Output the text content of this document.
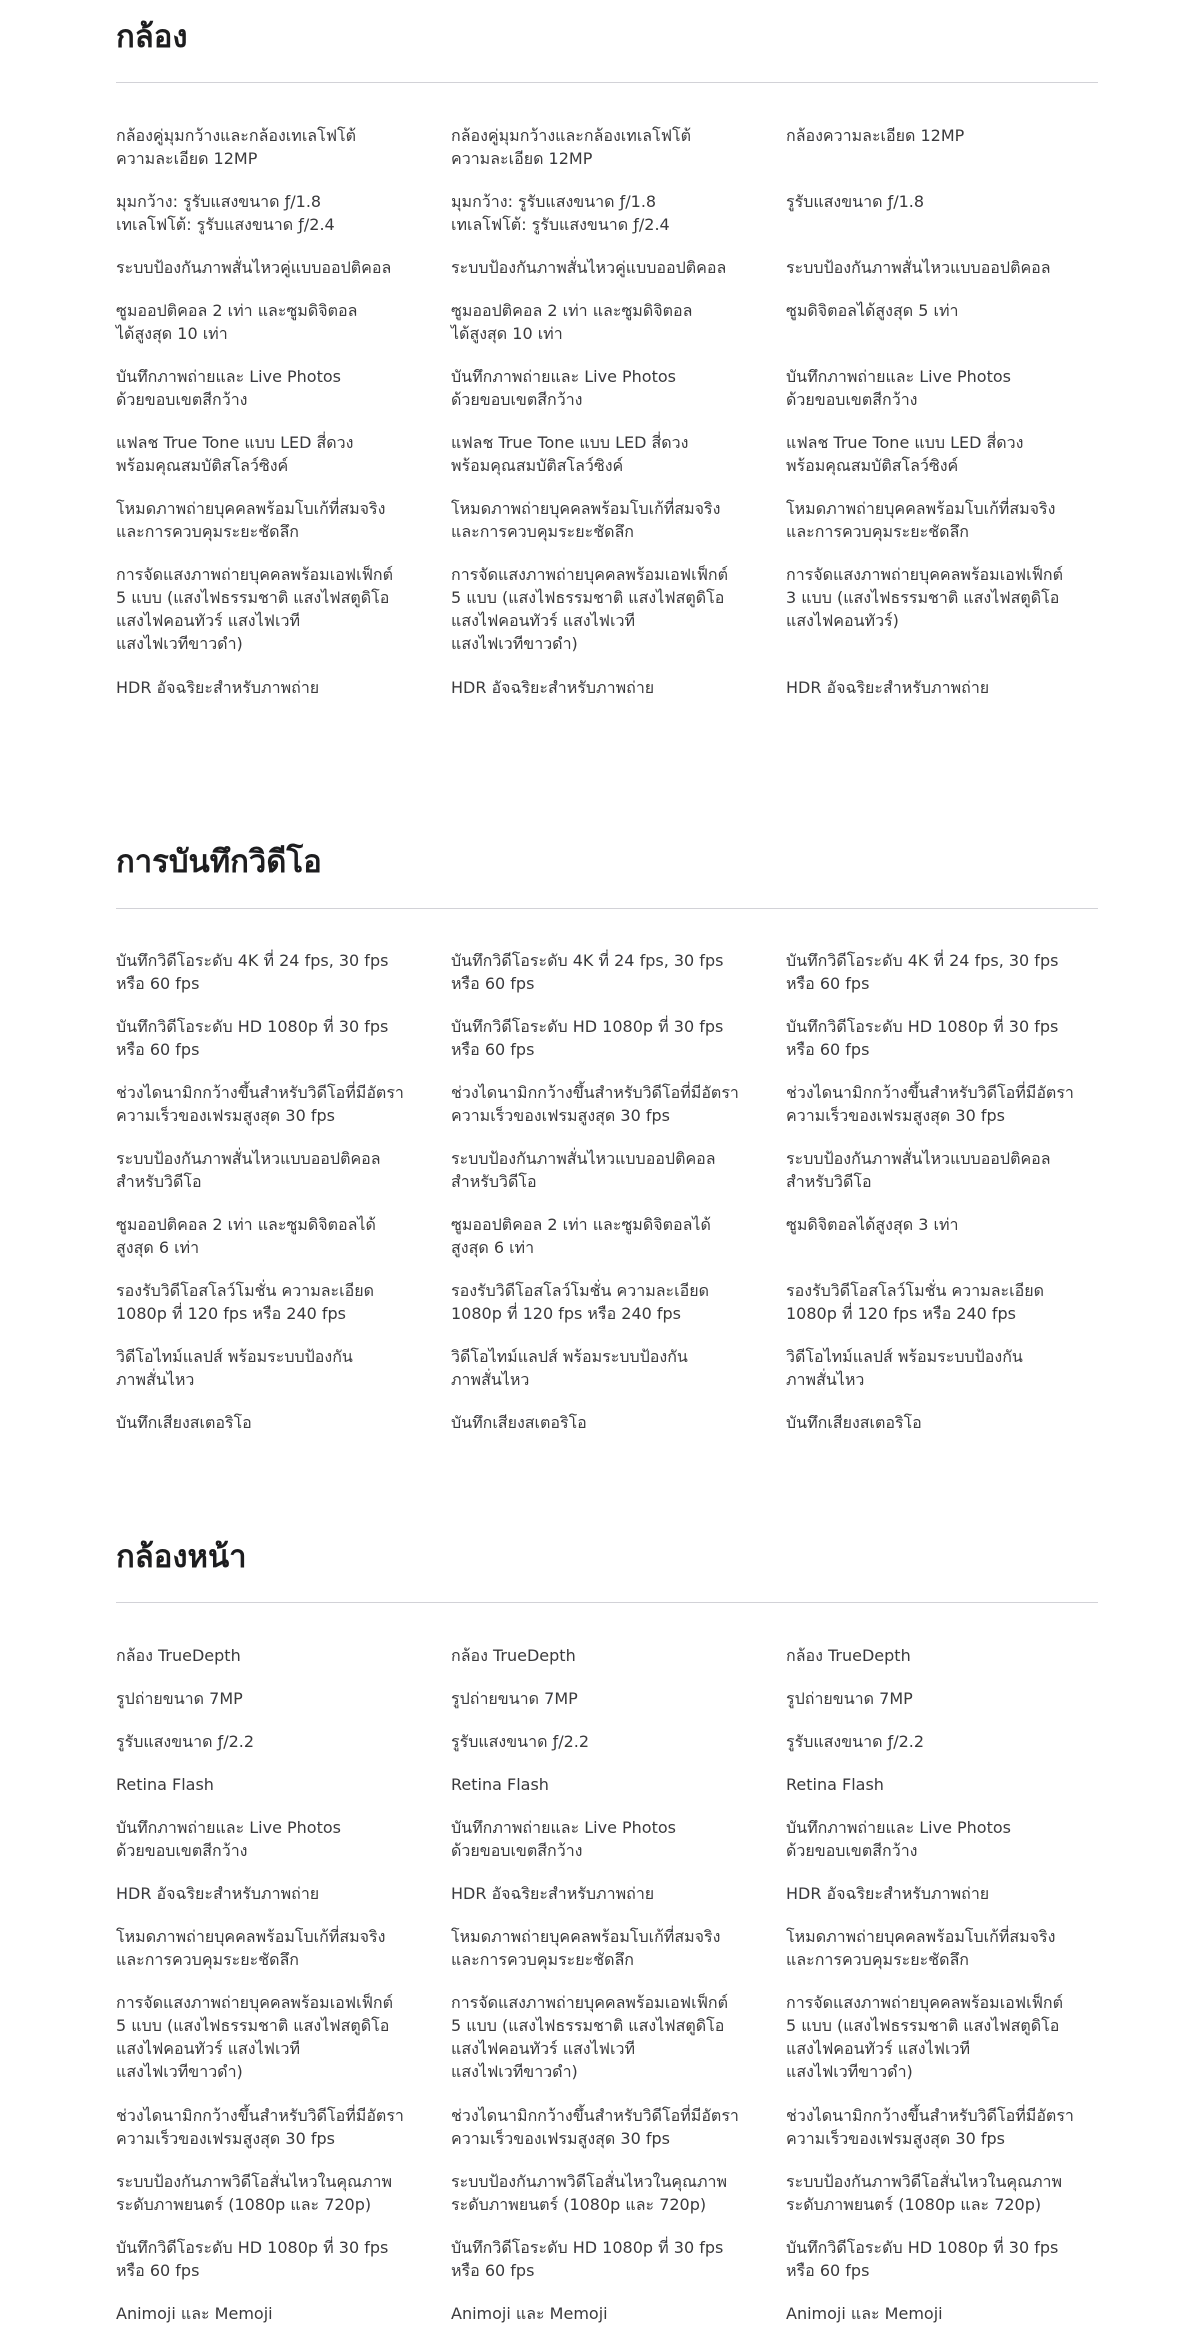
กล้อง

กล้องคู่มุมกว้างและกล้องเทเลโฟโต้
ความละเอียด 12MP

มุมกว้าง: รูรับแสงขนาด ƒ/1.8
เทเลโฟโต้: รูรับแสงขนาด ƒ/2.4

ระบบป้องกันภาพสั่นไหวคู่แบบออปติคอล

ซูมออปติคอล 2 เท่า และซูมดิจิตอล
ได้สูงสุด 10 เท่า

บันทึกภาพถ่ายและ Live Photos
ด้วยขอบเขตสีกว้าง

แฟลช True Tone แบบ LED สี่ดวง
พร้อมคุณสมบัติสโลว์ซิงค์

โหมดภาพถ่ายบุคคลพร้อมโบเก้ที่สมจริง
และการควบคุมระยะชัดลึก

การจัดแสงภาพถ่ายบุคคลพร้อมเอฟเฟ็กต์
5 แบบ (แสงไฟธรรมชาติ แสงไฟสตูดิโอ
แสงไฟคอนทัวร์ แสงไฟเวที
แสงไฟเวทีขาวดำ)

HDR อัจฉริยะสำหรับภาพถ่าย

กล้องคู่มุมกว้างและกล้องเทเลโฟโต้
ความละเอียด 12MP

มุมกว้าง: รูรับแสงขนาด ƒ/1.8
เทเลโฟโต้: รูรับแสงขนาด ƒ/2.4

ระบบป้องกันภาพสั่นไหวคู่แบบออปติคอล

ซูมออปติคอล 2 เท่า และซูมดิจิตอล
ได้สูงสุด 10 เท่า

บันทึกภาพถ่ายและ Live Photos
ด้วยขอบเขตสีกว้าง

แฟลช True Tone แบบ LED สี่ดวง
พร้อมคุณสมบัติสโลว์ซิงค์

โหมดภาพถ่ายบุคคลพร้อมโบเก้ที่สมจริง
และการควบคุมระยะชัดลึก

การจัดแสงภาพถ่ายบุคคลพร้อมเอฟเฟ็กต์
5 แบบ (แสงไฟธรรมชาติ แสงไฟสตูดิโอ
แสงไฟคอนทัวร์ แสงไฟเวที
แสงไฟเวทีขาวดำ)

HDR อัจฉริยะสำหรับภาพถ่าย

กล้องความละเอียด 12MP

รูรับแสงขนาด ƒ/1.8

ระบบป้องกันภาพสั่นไหวแบบออปติคอล

ซูมดิจิตอลได้สูงสุด 5 เท่า

บันทึกภาพถ่ายและ Live Photos
ด้วยขอบเขตสีกว้าง

แฟลช True Tone แบบ LED สี่ดวง
พร้อมคุณสมบัติสโลว์ซิงค์

โหมดภาพถ่ายบุคคลพร้อมโบเก้ที่สมจริง
และการควบคุมระยะชัดลึก

การจัดแสงภาพถ่ายบุคคลพร้อมเอฟเฟ็กต์
3 แบบ (แสงไฟธรรมชาติ แสงไฟสตูดิโอ
แสงไฟคอนทัวร์)

HDR อัจฉริยะสำหรับภาพถ่าย

การบันทึกวิดีโอ

บันทึกวิดีโอระดับ 4K ที่ 24 fps, 30 fps
หรือ 60 fps

บันทึกวิดีโอระดับ HD 1080p ที่ 30 fps
หรือ 60 fps

ช่วงไดนามิกกว้างขึ้นสำหรับวิดีโอที่มีอัตรา
ความเร็วของเฟรมสูงสุด 30 fps

ระบบป้องกันภาพสั่นไหวแบบออปติคอล
สำหรับวิดีโอ

ซูมออปติคอล 2 เท่า และซูมดิจิตอลได้
สูงสุด 6 เท่า

รองรับวิดีโอสโลว์โมชั่น ความละเอียด
1080p ที่ 120 fps หรือ 240 fps

วิดีโอไทม์แลปส์ พร้อมระบบป้องกัน
ภาพสั่นไหว

บันทึกเสียงสเตอริโอ

บันทึกวิดีโอระดับ 4K ที่ 24 fps, 30 fps
หรือ 60 fps

บันทึกวิดีโอระดับ HD 1080p ที่ 30 fps
หรือ 60 fps

ช่วงไดนามิกกว้างขึ้นสำหรับวิดีโอที่มีอัตรา
ความเร็วของเฟรมสูงสุด 30 fps

ระบบป้องกันภาพสั่นไหวแบบออปติคอล
สำหรับวิดีโอ

ซูมออปติคอล 2 เท่า และซูมดิจิตอลได้
สูงสุด 6 เท่า

รองรับวิดีโอสโลว์โมชั่น ความละเอียด
1080p ที่ 120 fps หรือ 240 fps

วิดีโอไทม์แลปส์ พร้อมระบบป้องกัน
ภาพสั่นไหว

บันทึกเสียงสเตอริโอ

บันทึกวิดีโอระดับ 4K ที่ 24 fps, 30 fps
หรือ 60 fps

บันทึกวิดีโอระดับ HD 1080p ที่ 30 fps
หรือ 60 fps

ช่วงไดนามิกกว้างขึ้นสำหรับวิดีโอที่มีอัตรา
ความเร็วของเฟรมสูงสุด 30 fps

ระบบป้องกันภาพสั่นไหวแบบออปติคอล
สำหรับวิดีโอ

ซูมดิจิตอลได้สูงสุด 3 เท่า

รองรับวิดีโอสโลว์โมชั่น ความละเอียด
1080p ที่ 120 fps หรือ 240 fps

วิดีโอไทม์แลปส์ พร้อมระบบป้องกัน
ภาพสั่นไหว

บันทึกเสียงสเตอริโอ

กล้องหน้า

กล้อง TrueDepth

รูปถ่ายขนาด 7MP

รูรับแสงขนาด ƒ/2.2

Retina Flash

บันทึกภาพถ่ายและ Live Photos
ด้วยขอบเขตสีกว้าง

HDR อัจฉริยะสำหรับภาพถ่าย

โหมดภาพถ่ายบุคคลพร้อมโบเก้ที่สมจริง
และการควบคุมระยะชัดลึก

การจัดแสงภาพถ่ายบุคคลพร้อมเอฟเฟ็กต์
5 แบบ (แสงไฟธรรมชาติ แสงไฟสตูดิโอ
แสงไฟคอนทัวร์ แสงไฟเวที
แสงไฟเวทีขาวดำ)

ช่วงไดนามิกกว้างขึ้นสำหรับวิดีโอที่มีอัตรา
ความเร็วของเฟรมสูงสุด 30 fps

ระบบป้องกันภาพวิดีโอสั่นไหวในคุณภาพ
ระดับภาพยนตร์ (1080p และ 720p)

บันทึกวิดีโอระดับ HD 1080p ที่ 30 fps
หรือ 60 fps

Animoji และ Memoji

กล้อง TrueDepth

รูปถ่ายขนาด 7MP

รูรับแสงขนาด ƒ/2.2

Retina Flash

บันทึกภาพถ่ายและ Live Photos
ด้วยขอบเขตสีกว้าง

HDR อัจฉริยะสำหรับภาพถ่าย

โหมดภาพถ่ายบุคคลพร้อมโบเก้ที่สมจริง
และการควบคุมระยะชัดลึก

การจัดแสงภาพถ่ายบุคคลพร้อมเอฟเฟ็กต์
5 แบบ (แสงไฟธรรมชาติ แสงไฟสตูดิโอ
แสงไฟคอนทัวร์ แสงไฟเวที
แสงไฟเวทีขาวดำ)

ช่วงไดนามิกกว้างขึ้นสำหรับวิดีโอที่มีอัตรา
ความเร็วของเฟรมสูงสุด 30 fps

ระบบป้องกันภาพวิดีโอสั่นไหวในคุณภาพ
ระดับภาพยนตร์ (1080p และ 720p)

บันทึกวิดีโอระดับ HD 1080p ที่ 30 fps
หรือ 60 fps

Animoji และ Memoji

กล้อง TrueDepth

รูปถ่ายขนาด 7MP

รูรับแสงขนาด ƒ/2.2

Retina Flash

บันทึกภาพถ่ายและ Live Photos
ด้วยขอบเขตสีกว้าง

HDR อัจฉริยะสำหรับภาพถ่าย

โหมดภาพถ่ายบุคคลพร้อมโบเก้ที่สมจริง
และการควบคุมระยะชัดลึก

การจัดแสงภาพถ่ายบุคคลพร้อมเอฟเฟ็กต์
5 แบบ (แสงไฟธรรมชาติ แสงไฟสตูดิโอ
แสงไฟคอนทัวร์ แสงไฟเวที
แสงไฟเวทีขาวดำ)

ช่วงไดนามิกกว้างขึ้นสำหรับวิดีโอที่มีอัตรา
ความเร็วของเฟรมสูงสุด 30 fps

ระบบป้องกันภาพวิดีโอสั่นไหวในคุณภาพ
ระดับภาพยนตร์ (1080p และ 720p)

บันทึกวิดีโอระดับ HD 1080p ที่ 30 fps
หรือ 60 fps

Animoji และ Memoji
